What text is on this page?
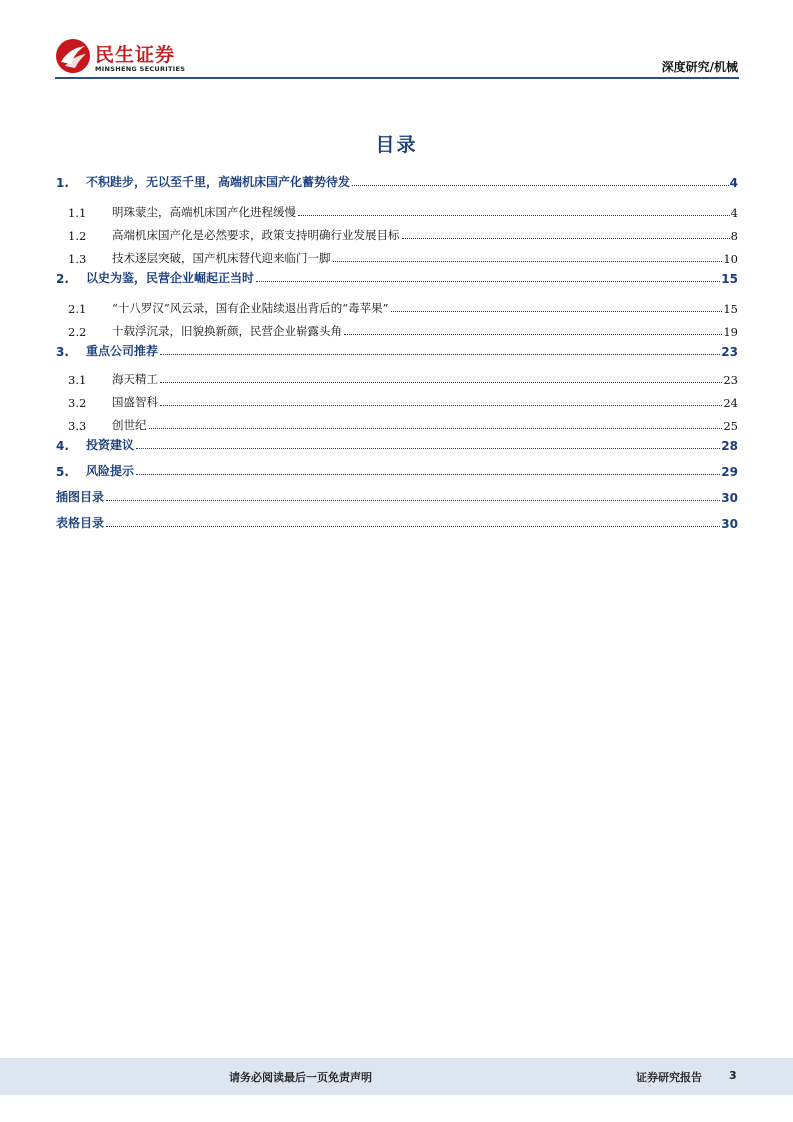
民生证券
MINSHENG SECURITIES	深度研究/机械
目录
1.	不积跬步，无以至千里，高端机床国产化蓄势待发	4
1.1	明珠蒙尘，高端机床国产化进程缓慢	4
1.2	高端机床国产化是必然要求，政策支持明确行业发展目标	8
1.3	技术逐层突破，国产机床替代迎来临门一脚	10
2.	以史为鉴，民营企业崛起正当时	15
2.1	“十八罗汉”风云录，国有企业陆续退出背后的“毒苹果”	15
2.2	十载浮沉录，旧貌换新颜，民营企业崭露头角	19
3.	重点公司推荐	23
3.1	海天精工	23
3.2	国盛智科	24
3.3	创世纪	25
4.	投资建议	28
5.	风险提示	29
插图目录	30
表格目录	30
请务必阅读最后一页免责声明	证券研究报告 3
